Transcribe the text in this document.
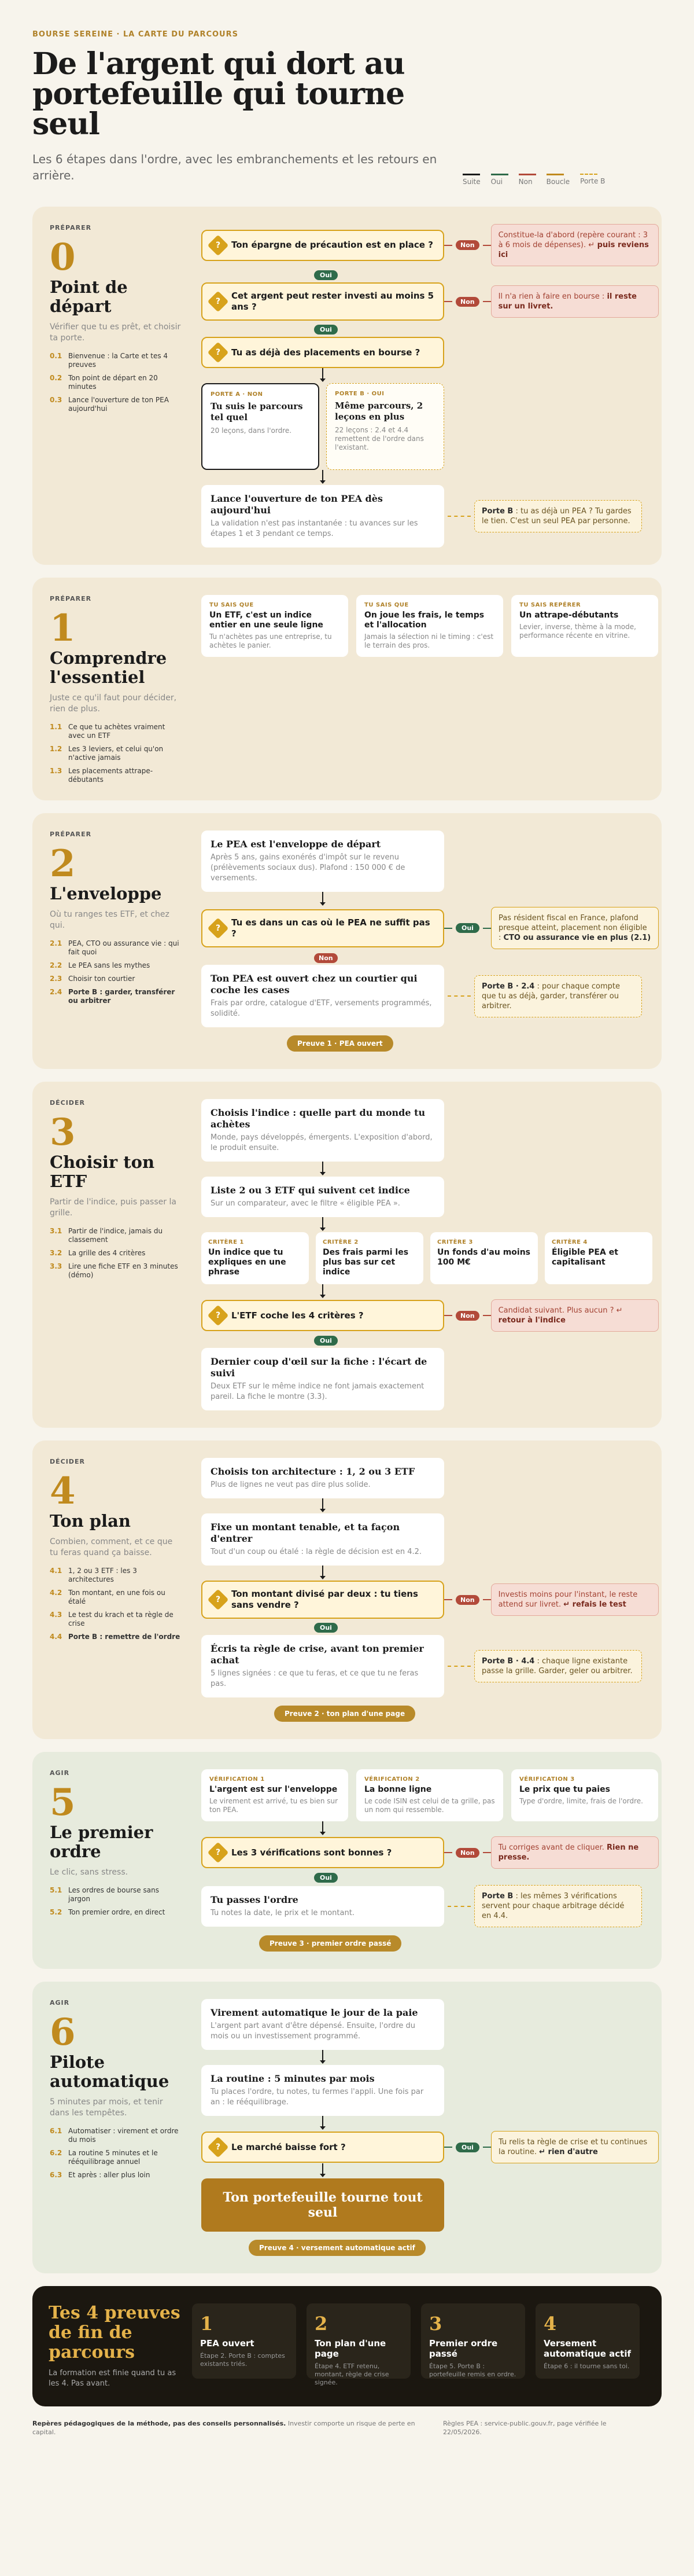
BOURSE SEREINE · LA CARTE DU PARCOURS
De l'argent qui dort au portefeuille qui tourne seul
Les 6 étapes dans l'ordre, avec les embranchements et les retours en arrière.	Suite Oui	Non	Boucle Porte B
PRÉPARER
0
Point de départ
Vérifier que tu es prêt, et choisir ta porte.
0.1 Bienvenue : la Carte et tes 4 preuves
0.2 Ton point de départ en 20 minutes
0.3 Lance l'ouverture de ton PEA aujourd'hui
?	Ton épargne de précaution est en place ?	Non
Constitue-la d'abord (repère courant : 3 à 6 mois de dépenses). ↵ puis reviens ici
Oui
?
Cet argent peut rester investi au moins 5 ans ?	Non
Il n'a rien à faire en bourse : il reste sur un livret.
Oui
?	Tu as déjà des placements en bourse ?
PORTE A · NON
Tu suis le parcours tel quel
20 leçons, dans l'ordre.
PORTE B · OUI
Même parcours, 2 leçons en plus
22 leçons : 2.4 et 4.4 remettent de l'ordre dans l'existant.
Lance l'ouverture de ton PEA dès aujourd'hui
La validation n'est pas instantanée : tu avances sur les étapes 1 et 3 pendant ce temps.
Porte B : tu as déjà un PEA ? Tu gardes le tien. C'est un seul PEA par personne.
PRÉPARER
1
Comprendre l'essentiel
Juste ce qu'il faut pour décider, rien de plus.
1.1 Ce que tu achètes vraiment avec un ETF
1.2 Les 3 leviers, et celui qu'on n'active jamais
1.3 Les placements attrape-débutants
TU SAIS QUE
Un ETF, c'est un indice entier en une seule ligne
Tu n'achètes pas une entreprise, tu achètes le panier.
TU SAIS QUE
On joue les frais, le temps et l'allocation
Jamais la sélection ni le timing : c'est le terrain des pros.
TU SAIS REPÉRER
Un attrape-débutants
Levier, inverse, thème à la mode, performance récente en vitrine.
PRÉPARER
2
L'enveloppe
Où tu ranges tes ETF, et chez qui.
2.1 PEA, CTO ou assurance vie : qui fait quoi
2.2 Le PEA sans les mythes
2.3 Choisir ton courtier
2.4 Porte B : garder, transférer ou arbitrer
Le PEA est l'enveloppe de départ
Après 5 ans, gains exonérés d'impôt sur le revenu (prélèvements sociaux dus). Plafond : 150 000 € de versements.
?
Tu es dans un cas où le PEA ne suffit pas ?	Oui
Pas résident fiscal en France, plafond presque atteint, placement non éligible : CTO ou assurance vie en plus (2.1)
Non
Ton PEA est ouvert chez un courtier qui coche les cases
Frais par ordre, catalogue d'ETF, versements programmés, solidité.
Porte B · 2.4 : pour chaque compte que tu as déjà, garder, transférer ou arbitrer.
Preuve 1 · PEA ouvert
DÉCIDER
3
Choisir ton ETF
Partir de l'indice, puis passer la grille.
3.1 Partir de l'indice, jamais du classement
3.2 La grille des 4 critères
3.3 Lire une fiche ETF en 3 minutes (démo)
Choisis l'indice : quelle part du monde tu achètes
Monde, pays développés, émergents. L'exposition d'abord, le produit ensuite.
Liste 2 ou 3 ETF qui suivent cet indice
Sur un comparateur, avec le filtre « éligible PEA ».
CRITÈRE 1
Un indice que tu expliques en une phrase
CRITÈRE 2
Des frais parmi les plus bas sur cet indice
CRITÈRE 3
Un fonds d'au moins 100 M€
CRITÈRE 4
Éligible PEA et capitalisant
?	L'ETF coche les 4 critères ?	Non
Candidat suivant. Plus aucun ? ↵ retour à l'indice
Oui
Dernier coup d'œil sur la fiche : l'écart de suivi
Deux ETF sur le même indice ne font jamais exactement pareil. La fiche le montre (3.3).
DÉCIDER
4
Ton plan
Combien, comment, et ce que tu feras quand ça baisse.
4.1 1, 2 ou 3 ETF : les 3 architectures
4.2 Ton montant, en une fois ou étalé
4.3 Le test du krach et ta règle de crise
4.4 Porte B : remettre de l'ordre
Choisis ton architecture : 1, 2 ou 3 ETF
Plus de lignes ne veut pas dire plus solide.
Fixe un montant tenable, et ta façon d'entrer
Tout d'un coup ou étalé : la règle de décision est en 4.2.
?
Ton montant divisé par deux : tu tiens sans vendre ?	Non
Investis moins pour l'instant, le reste attend sur livret. ↵ refais le test
Oui
Écris ta règle de crise, avant ton premier achat
5 lignes signées : ce que tu feras, et ce que tu ne feras pas.
Porte B · 4.4 : chaque ligne existante passe la grille. Garder, geler ou arbitrer.
Preuve 2 · ton plan d'une page
AGIR
5
Le premier ordre
Le clic, sans stress.
5.1 Les ordres de bourse sans jargon
5.2 Ton premier ordre, en direct
VÉRIFICATION 1
L'argent est sur l'enveloppe
Le virement est arrivé, tu es bien sur ton PEA.
VÉRIFICATION 2
La bonne ligne
Le code ISIN est celui de ta grille, pas un nom qui ressemble.
VÉRIFICATION 3
Le prix que tu paies
Type d'ordre, limite, frais de l'ordre.
?	Les 3 vérifications sont bonnes ?	Non
Tu corriges avant de cliquer. Rien ne presse.
Oui
Tu passes l'ordre
Tu notes la date, le prix et le montant.
Porte B : les mêmes 3 vérifications servent pour chaque arbitrage décidé en 4.4.
Preuve 3 · premier ordre passé
AGIR
6
Pilote automatique
5 minutes par mois, et tenir dans les tempêtes.
6.1 Automatiser : virement et ordre du mois
6.2 La routine 5 minutes et le rééquilibrage annuel
6.3 Et après : aller plus loin
Virement automatique le jour de la paie
L'argent part avant d'être dépensé. Ensuite, l'ordre du mois ou un investissement programmé.
La routine : 5 minutes par mois
Tu places l'ordre, tu notes, tu fermes l'appli. Une fois par an : le rééquilibrage.
?	Le marché baisse fort ?	Oui
Tu relis ta règle de crise et tu continues la routine. ↵ rien d'autre
Ton portefeuille tourne tout seul
Preuve 4 · versement automatique actif
Tes 4 preuves de fin de parcours
La formation est finie quand tu as les 4. Pas avant.
1
PEA ouvert
Étape 2. Porte B : comptes existants triés.
2
Ton plan d'une page
Étape 4. ETF retenu, montant, règle de crise signée.
3
Premier ordre passé
Étape 5. Porte B : portefeuille remis en ordre.
4
Versement automatique actif
Étape 6 : il tourne sans toi.
Repères pédagogiques de la méthode, pas des conseils personnalisés. Investir comporte un risque de perte en capital.
Règles PEA : service-public.gouv.fr, page vérifiée le 22/05/2026.
